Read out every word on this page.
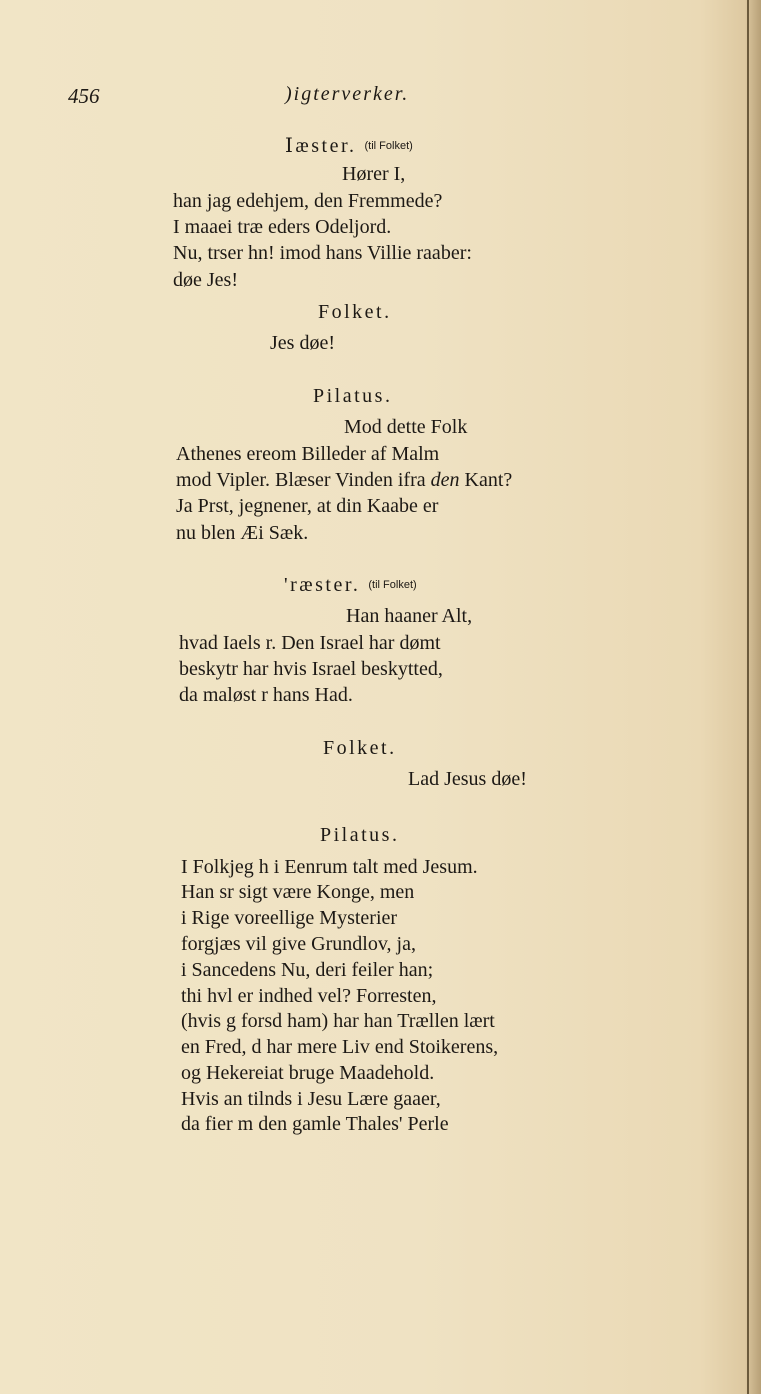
456	)igterverker.
Ⅰæster. (til Folket)
Hører I,
han jag edehjem, den Fremmede?
I maaei træ eders Odeljord.
Nu, trser hn! imod hans Villie raaber:
døe Jes!
Folket.
Jes døe!
Pilatus.
Mod dette Folk
Athenes ereom Billeder af Malm
mod Vipler. Blæser Vinden ifra den Kant?
Ja Prst, jegnener, at din Kaabe er
nu blen Æi Sæk.
'ræster. (til Folket)
Han haaner Alt,
hvad Iaels r. Den Israel har dømt
beskytr har hvis Israel beskytted,
da maløst r hans Had.
Folket.
Lad Jesus døe!
Pilatus.
I Folkjeg h i Eenrum talt med Jesum.
Han sr sigt være Konge, men
i Rige voreellige Mysterier
forgjæs vil give Grundlov, ja,
i Sancedens Nu, deri feiler han;
thi hvl er indhed vel? Forresten,
(hvis g forsd ham) har han Trællen lært
en Fred, d har mere Liv end Stoikerens,
og Hekereiat bruge Maadehold.
Hvis an tilnds i Jesu Lære gaaer,
da fier m den gamle Thales' Perle
